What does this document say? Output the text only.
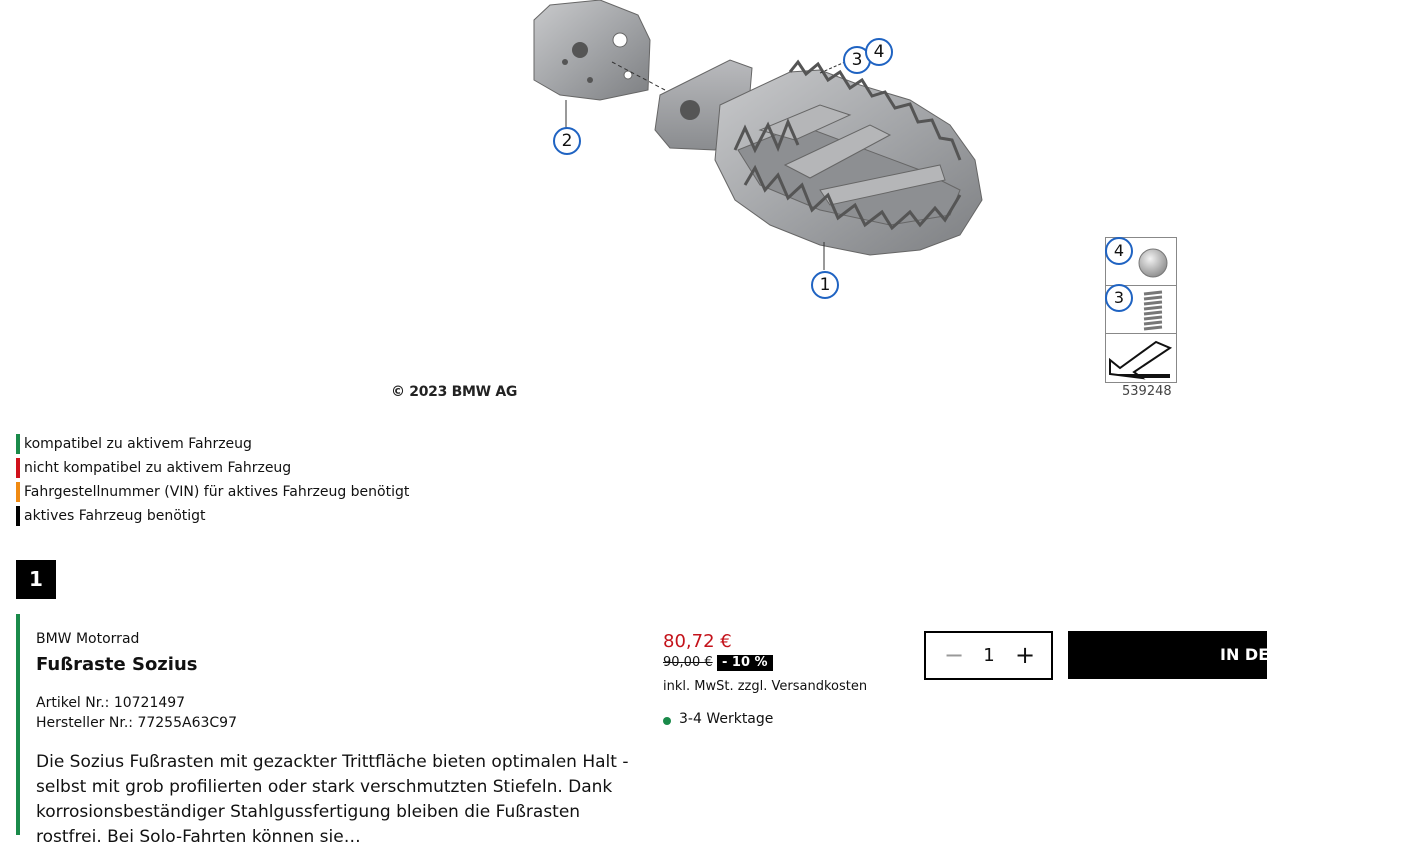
1
2
3 4
© 2023 BMW AG
4
3
539248
kompatibel zu aktivem Fahrzeug
nicht kompatibel zu aktivem Fahrzeug
Fahrgestellnummer (VIN) für aktives Fahrzeug benötigt
aktives Fahrzeug benötigt
1
BMW Motorrad
Fußraste Sozius
Artikel Nr.: 10721497
Hersteller Nr.: 77255A63C97
Die Sozius Fußrasten mit gezackter Trittfläche bieten optimalen Halt - selbst mit grob profilierten oder stark verschmutzten Stiefeln. Dank korrosionsbeständiger Stahlgussfertigung bleiben die Fußrasten rostfrei. Bei Solo-Fahrten können sie…
80,72 €
90,00 € - 10 %
inkl. MwSt. zzgl. Versandkosten
3-4 Werktage
−	1 +	IN DEN WARENKORB
